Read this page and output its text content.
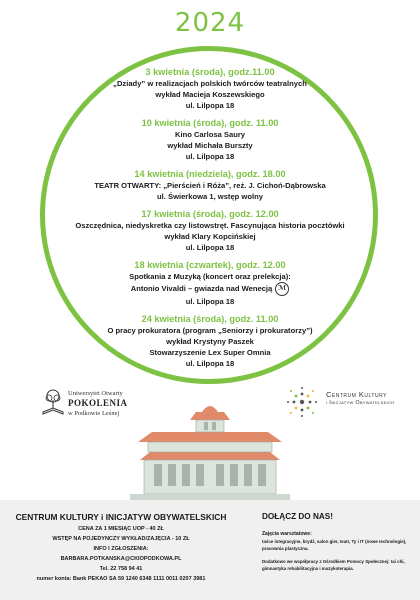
2024
3 kwietnia (środa), godz.11.00
„Dziady” w realizacjach polskich twórców teatralnych
wykład Macieja Koszewskiego
ul. Lilpopa 18
10 kwietnia (środa), godz. 11.00
Kino Carlosa Saury
wykład Michała Burszty
ul. Lilpopa 18
14 kwietnia (niedziela), godz. 18.00
TEATR OTWARTY: „Pierścień i Róża”, reż. J. Cichoń-Dąbrowska
ul. Świerkowa 1, wstęp wolny
17 kwietnia (środa), godz. 12.00
Oszczędnica, niedyskretka czy listowstręt. Fascynująca historia pocztówki
wykład Klary Kopcińskiej
ul. Lilpopa 18
18 kwietnia (czwartek), godz. 12.00
Spotkania z Muzyką (koncert oraz prelekcja):
Antonio Vivaldi – gwiazda nad Wenecją ℳ
ul. Lilpopa 18
24 kwietnia (środa), godz. 11.00
O pracy prokuratora (program „Seniorzy i prokuratorzy”)
wykład Krystyny Paszek
Stowarzyszenie Lex Super Omnia
ul. Lilpopa 18
Uniwersytet Otwarty
POKOLENIA
w Podkowie Leśnej
Centrum Kultury
i Inicjatyw Obywatelskich
CENTRUM KULTURY i INICJATYW OBYWATELSKICH
CENA ZA 1 MIESIĄC UOP - 40 ZŁ
WSTĘP NA POJEDYNCZY WYKŁAD/ZAJĘCIA - 10 ZŁ
INFO I ZGŁOSZENIA:
BARBARA.POTKANSKA@CKIOPODKOWA.PL
Tel. 22 758 94 41
numer konta: Bank PEKAO SA 59 1240 6348 1111 0011 0207 3981
DOŁĄCZ DO NAS!
Zajęcia warsztatowe:
taśce integracyjne, brydż, salon gier, teatr, Ty i IT (nowe technologie), pracownia plastyczna.
Dodatkowo we współpracy z Ośrodkiem Pomocy Społecznej: tai chi, gimnastyka rehabilitacyjna i muzykoterapia.
